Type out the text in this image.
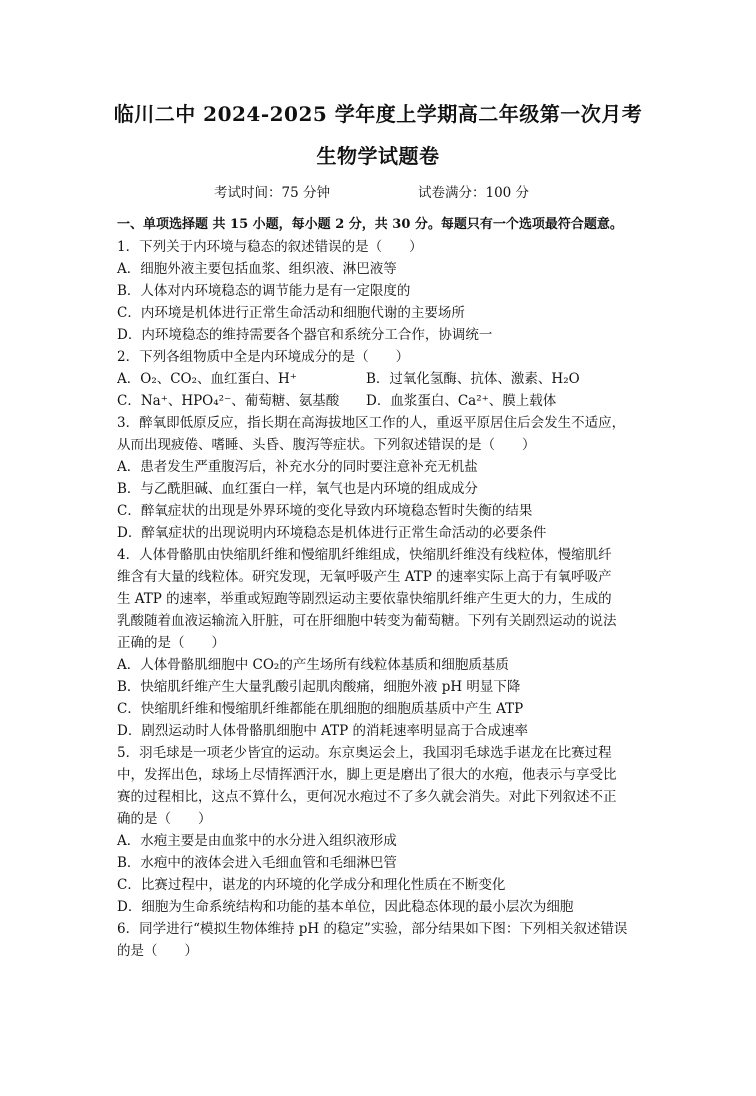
临川二中 2024-2025 学年度上学期高二年级第一次月考
生物学试题卷
考试时间：75 分钟	试卷满分：100 分
一、单项选择题 共 15 小题，每小题 2 分，共 30 分。每题只有一个选项最符合题意。
1．下列关于内环境与稳态的叙述错误的是（　　）
A．细胞外液主要包括血浆、组织液、淋巴液等
B．人体对内环境稳态的调节能力是有一定限度的
C．内环境是机体进行正常生命活动和细胞代谢的主要场所
D．内环境稳态的维持需要各个器官和系统分工合作，协调统一
2．下列各组物质中全是内环境成分的是（　　）
A．O₂、CO₂、血红蛋白、H⁺	B．过氧化氢酶、抗体、激素、H₂O
C．Na⁺、HPO₄²⁻、葡萄糖、氨基酸 D．血浆蛋白、Ca²⁺、膜上载体
3．醉氧即低原反应，指长期在高海拔地区工作的人，重返平原居住后会发生不适应，
从而出现疲倦、嗜睡、头昏、腹泻等症状。下列叙述错误的是（　　）
A．患者发生严重腹泻后，补充水分的同时要注意补充无机盐
B．与乙酰胆碱、血红蛋白一样，氧气也是内环境的组成成分
C．醉氧症状的出现是外界环境的变化导致内环境稳态暂时失衡的结果
D．醉氧症状的出现说明内环境稳态是机体进行正常生命活动的必要条件
4．人体骨骼肌由快缩肌纤维和慢缩肌纤维组成，快缩肌纤维没有线粒体，慢缩肌纤
维含有大量的线粒体。研究发现，无氧呼吸产生 ATP 的速率实际上高于有氧呼吸产
生 ATP 的速率，举重或短跑等剧烈运动主要依靠快缩肌纤维产生更大的力，生成的
乳酸随着血液运输流入肝脏，可在肝细胞中转变为葡萄糖。下列有关剧烈运动的说法
正确的是（　　）
A．人体骨骼肌细胞中 CO₂的产生场所有线粒体基质和细胞质基质
B．快缩肌纤维产生大量乳酸引起肌肉酸痛，细胞外液 pH 明显下降
C．快缩肌纤维和慢缩肌纤维都能在肌细胞的细胞质基质中产生 ATP
D．剧烈运动时人体骨骼肌细胞中 ATP 的消耗速率明显高于合成速率
5．羽毛球是一项老少皆宜的运动。东京奥运会上，我国羽毛球选手谌龙在比赛过程
中，发挥出色，球场上尽情挥洒汗水，脚上更是磨出了很大的水疱，他表示与享受比
赛的过程相比，这点不算什么，更何况水疱过不了多久就会消失。对此下列叙述不正
确的是（　　）
A．水疱主要是由血浆中的水分进入组织液形成
B．水疱中的液体会进入毛细血管和毛细淋巴管
C．比赛过程中，谌龙的内环境的化学成分和理化性质在不断变化
D．细胞为生命系统结构和功能的基本单位，因此稳态体现的最小层次为细胞
6．同学进行“模拟生物体维持 pH 的稳定”实验，部分结果如下图：下列相关叙述错误
的是（　　）
